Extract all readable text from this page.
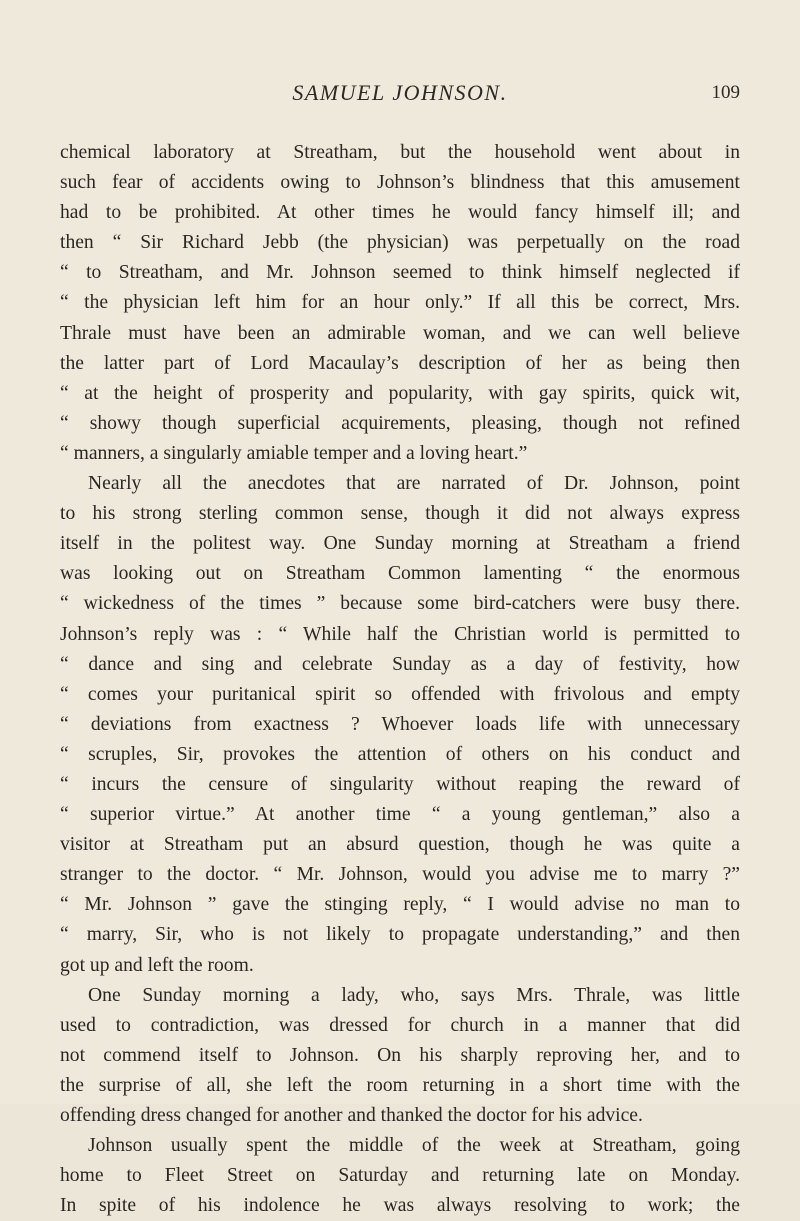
SAMUEL JOHNSON.	109
chemical laboratory at Streatham, but the household went about in
such fear of accidents owing to Johnson’s blindness that this amusement
had to be prohibited. At other times he would fancy himself ill; and
then “ Sir Richard Jebb (the physician) was perpetually on the road
“ to Streatham, and Mr. Johnson seemed to think himself neglected if
“ the physician left him for an hour only.” If all this be correct, Mrs.
Thrale must have been an admirable woman, and we can well believe
the latter part of Lord Macaulay’s description of her as being then
“ at the height of prosperity and popularity, with gay spirits, quick wit,
“ showy though superficial acquirements, pleasing, though not refined
“ manners, a singularly amiable temper and a loving heart.”
Nearly all the anecdotes that are narrated of Dr. Johnson, point
to his strong sterling common sense, though it did not always express
itself in the politest way. One Sunday morning at Streatham a friend
was looking out on Streatham Common lamenting “ the enormous
“ wickedness of the times ” because some bird-catchers were busy there.
Johnson’s reply was : “ While half the Christian world is permitted to
“ dance and sing and celebrate Sunday as a day of festivity, how
“ comes your puritanical spirit so offended with frivolous and empty
“ deviations from exactness ? Whoever loads life with unnecessary
“ scruples, Sir, provokes the attention of others on his conduct and
“ incurs the censure of singularity without reaping the reward of
“ superior virtue.” At another time “ a young gentleman,” also a
visitor at Streatham put an absurd question, though he was quite a
stranger to the doctor. “ Mr. Johnson, would you advise me to marry ?”
“ Mr. Johnson ” gave the stinging reply, “ I would advise no man to
“ marry, Sir, who is not likely to propagate understanding,” and then
got up and left the room.
One Sunday morning a lady, who, says Mrs. Thrale, was little
used to contradiction, was dressed for church in a manner that did
not commend itself to Johnson. On his sharply reproving her, and to
the surprise of all, she left the room returning in a short time with the
offending dress changed for another and thanked the doctor for his advice.
Johnson usually spent the middle of the week at Streatham, going
home to Fleet Street on Saturday and returning late on Monday.
In spite of his indolence he was always resolving to work; the
